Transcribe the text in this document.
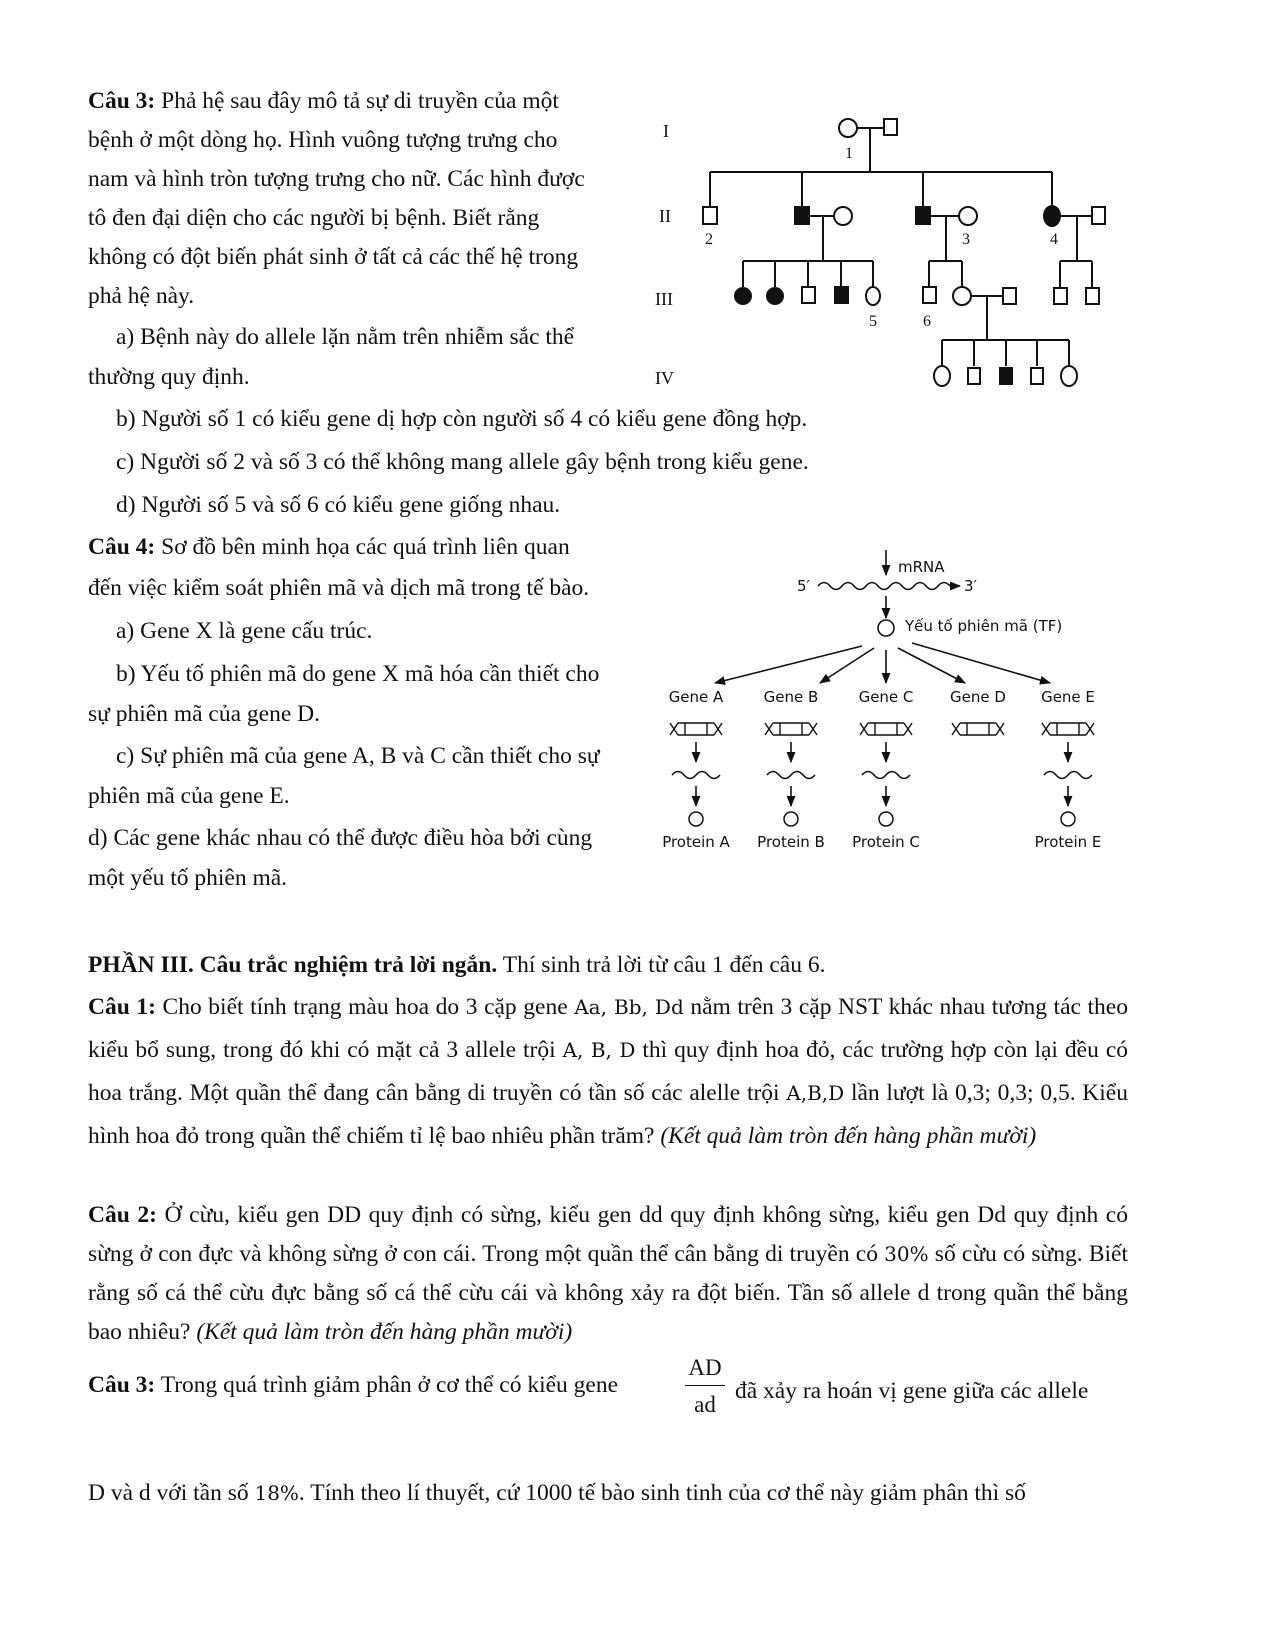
Câu 3: Phả hệ sau đây mô tả sự di truyền của một
bệnh ở một dòng họ. Hình vuông tượng trưng cho
nam và hình tròn tượng trưng cho nữ. Các hình được
tô đen đại diện cho các người bị bệnh. Biết rằng
không có đột biến phát sinh ở tất cả các thế hệ trong
phả hệ này.
a) Bệnh này do allele lặn nằm trên nhiễm sắc thể
thường quy định.
b) Người số 1 có kiểu gene dị hợp còn người số 4 có kiểu gene đồng hợp.
c) Người số 2 và số 3 có thể không mang allele gây bệnh trong kiểu gene.
d) Người số 5 và số 6 có kiểu gene giống nhau.
I
II
III
IV
1
2	3	4
5	6
Câu 4: Sơ đồ bên minh họa các quá trình liên quan
đến việc kiểm soát phiên mã và dịch mã trong tế bào.
a) Gene X là gene cấu trúc.
b) Yếu tố phiên mã do gene X mã hóa cần thiết cho
sự phiên mã của gene D.
c) Sự phiên mã của gene A, B và C cần thiết cho sự
phiên mã của gene E.
d) Các gene khác nhau có thể được điều hòa bởi cùng
một yếu tố phiên mã.
mRNA
5′	3′
Yếu tố phiên mã (TF)
Gene A
Protein A
Gene B
Protein B
Gene C
Protein C
Gene D Gene E
Protein E
PHẦN III. Câu trắc nghiệm trả lời ngắn. Thí sinh trả lời từ câu 1 đến câu 6.
Câu 1: Cho biết tính trạng màu hoa do 3 cặp gene Aa, Bb, Dd nằm trên 3 cặp NST khác nhau tương tác theo kiểu bổ sung, trong đó khi có mặt cả 3 allele trội A, B, D thì quy định hoa đỏ, các trường hợp còn lại đều có hoa trắng. Một quần thể đang cân bằng di truyền có tần số các alelle trội A,B,D lần lượt là 0,3; 0,3; 0,5. Kiểu hình hoa đỏ trong quần thể chiếm tỉ lệ bao nhiêu phần trăm? (Kết quả làm tròn đến hàng phần mười)
Câu 2: Ở cừu, kiểu gen DD quy định có sừng, kiểu gen dd quy định không sừng, kiểu gen Dd quy định có sừng ở con đực và không sừng ở con cái. Trong một quần thể cân bằng di truyền có 30% số cừu có sừng. Biết rằng số cá thể cừu đực bằng số cá thể cừu cái và không xảy ra đột biến. Tần số allele d trong quần thể bằng bao nhiêu? (Kết quả làm tròn đến hàng phần mười)
Câu 3: Trong quá trình giảm phân ở cơ thể có kiểu gene
AD
ad
đã xảy ra hoán vị gene giữa các allele
D và d với tần số 18%. Tính theo lí thuyết, cứ 1000 tế bào sinh tinh của cơ thể này giảm phân thì số
